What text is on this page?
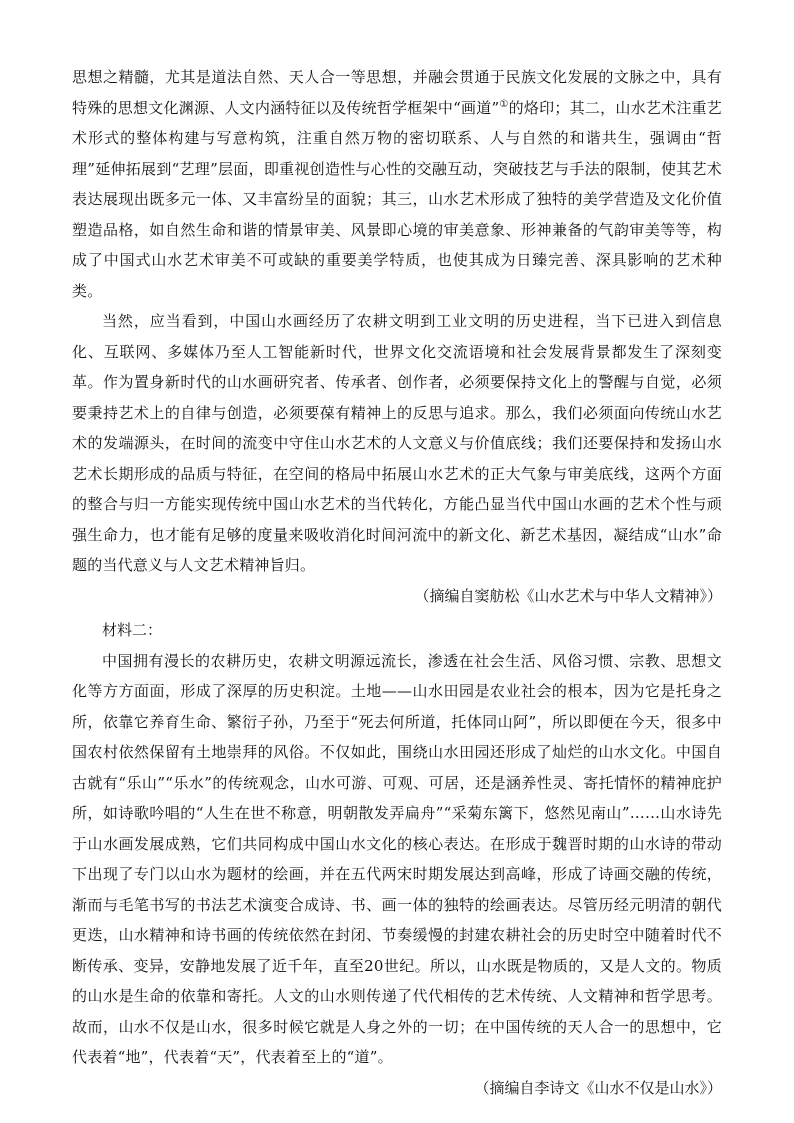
思想之精髓，尤其是道法自然、天人合一等思想，并融会贯通于民族文化发展的文脉之中，具有特殊的思想文化渊源、人文内涵特征以及传统哲学框架中“画道”①的烙印；其二，山水艺术注重艺术形式的整体构建与写意构筑，注重自然万物的密切联系、人与自然的和谐共生，强调由“哲理”延伸拓展到“艺理”层面，即重视创造性与心性的交融互动，突破技艺与手法的限制，使其艺术表达展现出既多元一体、又丰富纷呈的面貌；其三，山水艺术形成了独特的美学营造及文化价值塑造品格，如自然生命和谐的情景审美、风景即心境的审美意象、形神兼备的气韵审美等等，构成了中国式山水艺术审美不可或缺的重要美学特质，也使其成为日臻完善、深具影响的艺术种类。

当然，应当看到，中国山水画经历了农耕文明到工业文明的历史进程，当下已进入到信息化、互联网、多媒体乃至人工智能新时代，世界文化交流语境和社会发展背景都发生了深刻变革。作为置身新时代的山水画研究者、传承者、创作者，必须要保持文化上的警醒与自觉，必须要秉持艺术上的自律与创造，必须要葆有精神上的反思与追求。那么，我们必须面向传统山水艺术的发端源头，在时间的流变中守住山水艺术的人文意义与价值底线；我们还要保持和发扬山水艺术长期形成的品质与特征，在空间的格局中拓展山水艺术的正大气象与审美底线，这两个方面的整合与归一方能实现传统中国山水艺术的当代转化，方能凸显当代中国山水画的艺术个性与顽强生命力，也才能有足够的度量来吸收消化时间河流中的新文化、新艺术基因，凝结成“山水”命题的当代意义与人文艺术精神旨归。

（摘编自窦舫松《山水艺术与中华人文精神》）

材料二：

中国拥有漫长的农耕历史，农耕文明源远流长，渗透在社会生活、风俗习惯、宗教、思想文化等方方面面，形成了深厚的历史积淀。土地——山水田园是农业社会的根本，因为它是托身之所，依靠它养育生命、繁衍子孙，乃至于“死去何所道，托体同山阿”，所以即便在今天，很多中国农村依然保留有土地崇拜的风俗。不仅如此，围绕山水田园还形成了灿烂的山水文化。中国自古就有“乐山”“乐水”的传统观念，山水可游、可观、可居，还是涵养性灵、寄托情怀的精神庇护所，如诗歌吟唱的“人生在世不称意，明朝散发弄扁舟”“采菊东篱下，悠然见南山”……山水诗先于山水画发展成熟，它们共同构成中国山水文化的核心表达。在形成于魏晋时期的山水诗的带动下出现了专门以山水为题材的绘画，并在五代两宋时期发展达到高峰，形成了诗画交融的传统，渐而与毛笔书写的书法艺术演变合成诗、书、画一体的独特的绘画表达。尽管历经元明清的朝代更迭，山水精神和诗书画的传统依然在封闭、节奏缓慢的封建农耕社会的历史时空中随着时代不断传承、变异，安静地发展了近千年，直至20世纪。所以，山水既是物质的，又是人文的。物质的山水是生命的依靠和寄托。人文的山水则传递了代代相传的艺术传统、人文精神和哲学思考。故而，山水不仅是山水，很多时候它就是人身之外的一切；在中国传统的天人合一的思想中，它代表着“地”，代表着“天”，代表着至上的“道”。

（摘编自李诗文《山水不仅是山水》）
